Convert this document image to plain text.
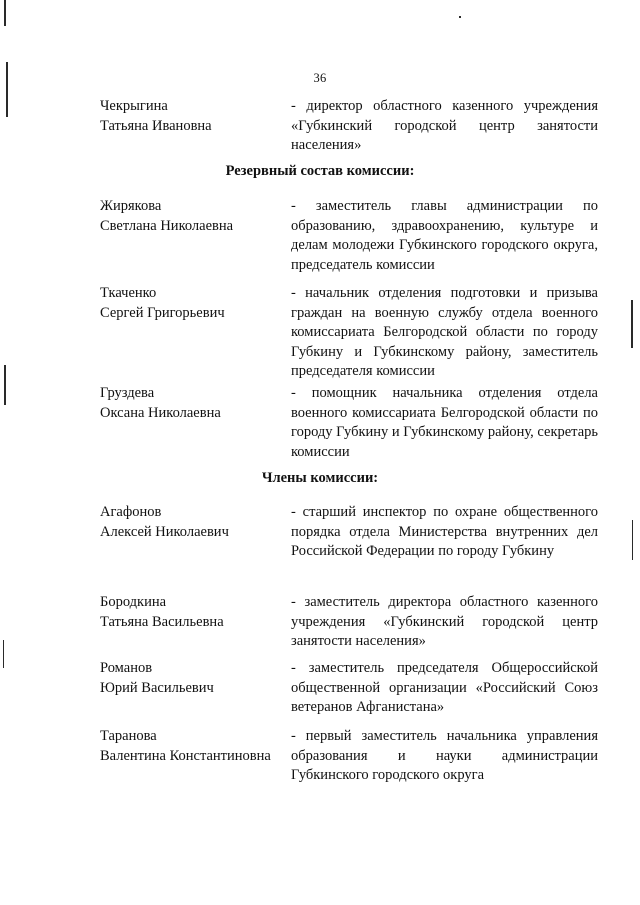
36
Чекрыгина
Татьяна Ивановна
- директор областного казенного учреждения «Губкинский городской центр занятости населения»
Резервный состав комиссии:
Жирякова
Светлана Николаевна
- заместитель главы администрации по образованию, здравоохранению, культуре и делам молодежи Губкинского городского округа, председатель комиссии
Ткаченко
Сергей Григорьевич
- начальник отделения подготовки и призыва граждан на военную службу отдела военного комиссариата Белгородской области по городу Губкину и Губкинскому району, заместитель председателя комиссии
Груздева
Оксана Николаевна
- помощник начальника отделения отдела военного комиссариата Белгородской области по городу Губкину и Губкинскому району, секретарь комиссии
Члены комиссии:
Агафонов
Алексей Николаевич
- старший инспектор по охране общественного порядка отдела Министерства внутренних дел Российской Федерации по городу Губкину
Бородкина
Татьяна Васильевна
- заместитель директора областного казенного учреждения «Губкинский городской центр занятости населения»
Романов
Юрий Васильевич
- заместитель председателя Общероссийской общественной организации «Российский Союз ветеранов Афганистана»
Таранова
Валентина Константиновна
- первый заместитель начальника управления образования и науки администрации Губкинского городского округа
